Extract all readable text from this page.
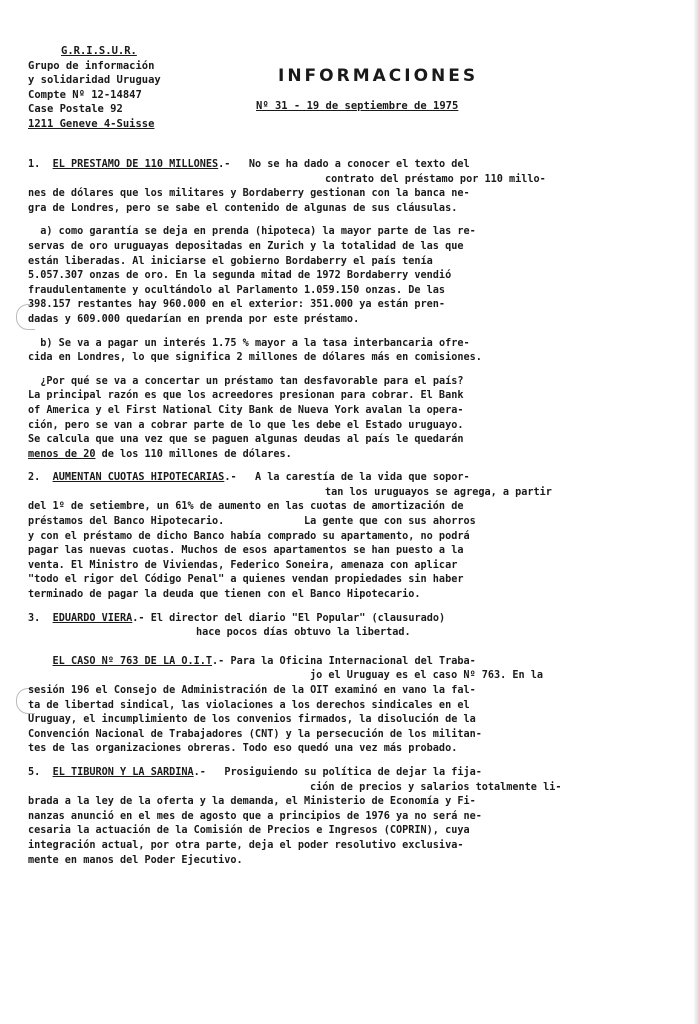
G.R.I.S.U.R.
Grupo de información
y solidaridad Uruguay
Compte Nº 12-14847
Case Postale 92
1211 Geneve 4-Suisse
INFORMACIONES
Nº 31 - 19 de septiembre de 1975

1. EL PRESTAMO DE 110 MILLONES.- No se ha dado a conocer el texto del
contrato del préstamo por 110 millo-
nes de dólares que los militares y Bordaberry gestionan con la banca ne-
gra de Londres, pero se sabe el contenido de algunas de sus cláusulas.

a) como garantía se deja en prenda (hipoteca) la mayor parte de las re-
servas de oro uruguayas depositadas en Zurich y la totalidad de las que
están liberadas. Al iniciarse el gobierno Bordaberry el país tenía
5.057.307 onzas de oro. En la segunda mitad de 1972 Bordaberry vendió
fraudulentamente y ocultándolo al Parlamento 1.059.150 onzas. De las
398.157 restantes hay 960.000 en el exterior: 351.000 ya están pren-
dadas y 609.000 quedarían en prenda por este préstamo.

b) Se va a pagar un interés 1.75 % mayor a la tasa interbancaria ofre-
cida en Londres, lo que significa 2 millones de dólares más en comisiones.

¿Por qué se va a concertar un préstamo tan desfavorable para el país?
La principal razón es que los acreedores presionan para cobrar. El Bank
of America y el First National City Bank de Nueva York avalan la opera-
ción, pero se van a cobrar parte de lo que les debe el Estado uruguayo.
Se calcula que una vez que se paguen algunas deudas al país le quedarán
menos de 20 de los 110 millones de dólares.

2. AUMENTAN CUOTAS HIPOTECARIAS.- A la carestía de la vida que sopor-
tan los uruguayos se agrega, a partir
del 1º de setiembre, un 61% de aumento en las cuotas de amortización de
préstamos del Banco Hipotecario.	La gente que con sus ahorros
y con el préstamo de dicho Banco había comprado su apartamento, no podrá
pagar las nuevas cuotas. Muchos de esos apartamentos se han puesto a la
venta. El Ministro de Viviendas, Federico Soneira, amenaza con aplicar
"todo el rigor del Código Penal" a quienes vendan propiedades sin haber
terminado de pagar la deuda que tienen con el Banco Hipotecario.

3. EDUARDO VIERA.- El director del diario "El Popular" (clausurado)
hace pocos días obtuvo la libertad.

EL CASO Nº 763 DE LA O.I.T.- Para la Oficina Internacional del Traba-
jo el Uruguay es el caso Nº 763. En la
sesión 196 el Consejo de Administración de la OIT examinó en vano la fal-
ta de libertad sindical, las violaciones a los derechos sindicales en el
Uruguay, el incumplimiento de los convenios firmados, la disolución de la
Convención Nacional de Trabajadores (CNT) y la persecución de los militan-
tes de las organizaciones obreras. Todo eso quedó una vez más probado.

5. EL TIBURON Y LA SARDINA.- Prosiguiendo su política de dejar la fija-
ción de precios y salarios totalmente li-
brada a la ley de la oferta y la demanda, el Ministerio de Economía y Fi-
nanzas anunció en el mes de agosto que a principios de 1976 ya no será ne-
cesaria la actuación de la Comisión de Precios e Ingresos (COPRIN), cuya
integración actual, por otra parte, deja el poder resolutivo exclusiva-
mente en manos del Poder Ejecutivo.
